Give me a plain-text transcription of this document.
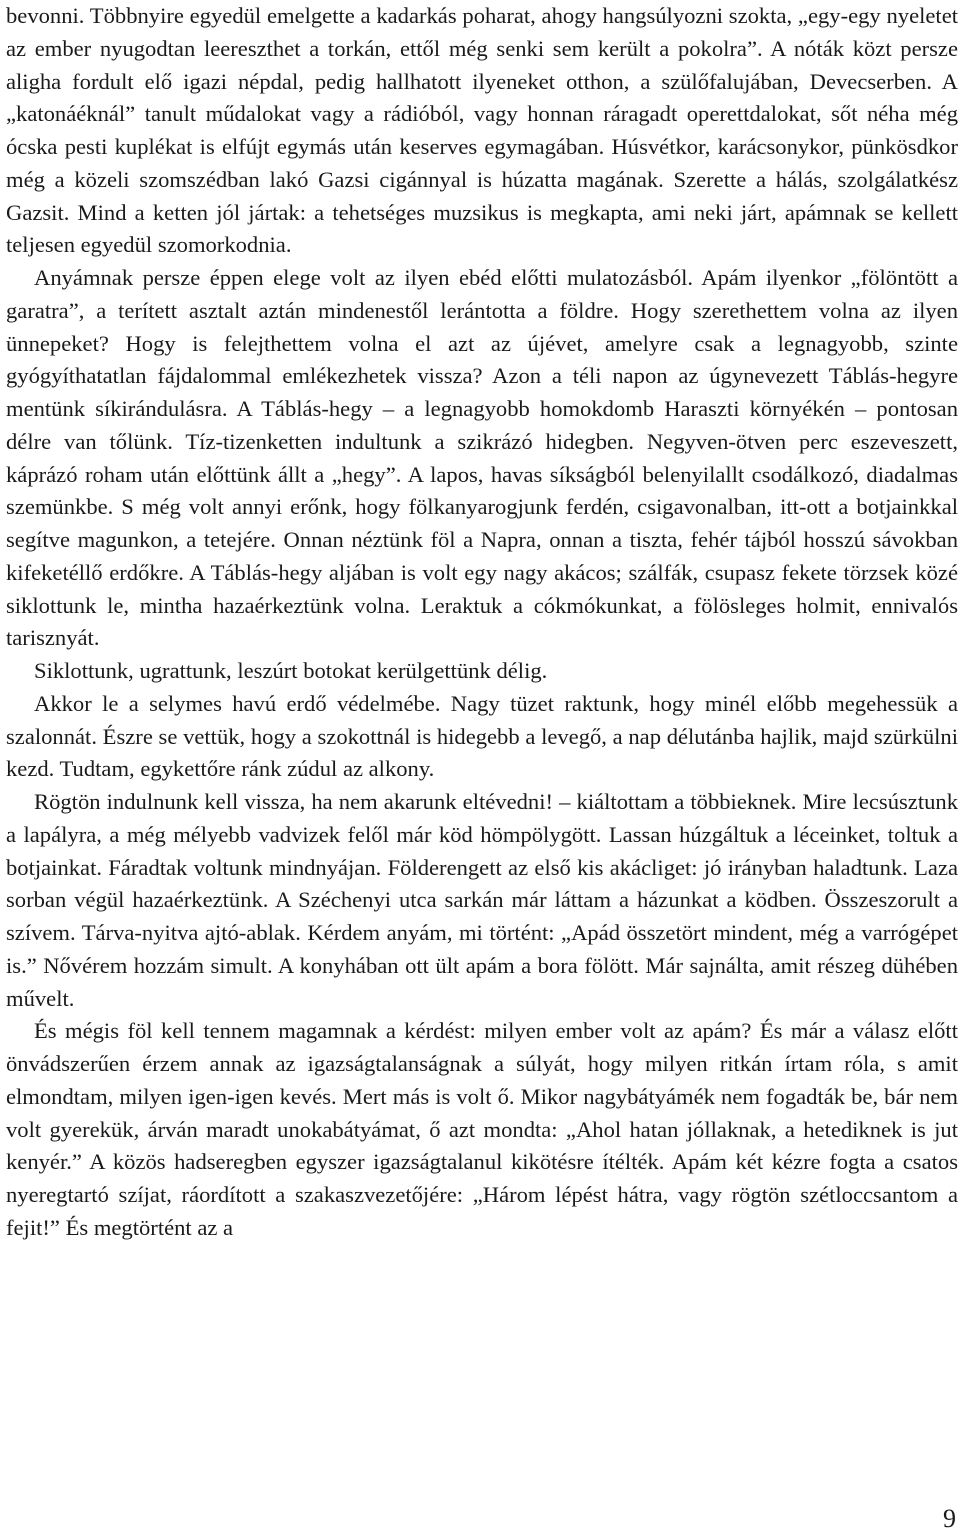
bevonni. Többnyire egyedül emelgette a kadarkás poharat, ahogy hangsúlyozni szokta, „egy-egy nyeletet az ember nyugodtan leereszthet a torkán, ettől még senki sem került a pokolra”. A nóták közt persze aligha fordult elő igazi népdal, pedig hallhatott ilyeneket otthon, a szülőfalujában, Devecserben. A „katonáéknál” tanult műdalokat vagy a rádióból, vagy honnan ráragadt operettdalokat, sőt néha még ócska pesti kuplékat is elfújt egymás után keserves egymagában. Húsvétkor, karácsonykor, pünkösdkor még a közeli szomszédban lakó Gazsi cigánnyal is húzatta magának. Szerette a hálás, szolgálatkész Gazsit. Mind a ketten jól jártak: a tehetséges muzsikus is megkapta, ami neki járt, apámnak se kellett teljesen egyedül szomorkodnia.

Anyámnak persze éppen elege volt az ilyen ebéd előtti mulatozásból. Apám ilyenkor „fölöntött a garatra”, a terített asztalt aztán mindenestől lerántotta a földre. Hogy szerethettem volna az ilyen ünnepeket? Hogy is felejthettem volna el azt az újévet, amelyre csak a legnagyobb, szinte gyógyíthatatlan fájdalommal emlékezhetek vissza? Azon a téli napon az úgynevezett Táblás-hegyre mentünk síkirándulásra. A Táblás-hegy – a legnagyobb homokdomb Haraszti környékén – pontosan délre van tőlünk. Tíz-tizenketten indultunk a szikrázó hidegben. Negyven-ötven perc eszeveszett, káprázó roham után előttünk állt a „hegy”. A lapos, havas síkságból belenyilallt csodálkozó, diadalmas szemünkbe. S még volt annyi erőnk, hogy fölkanyarogjunk ferdén, csigavonalban, itt-ott a botjainkkal segítve magunkon, a tetejére. Onnan néztünk föl a Napra, onnan a tiszta, fehér tájból hosszú sávokban kifeketéllő erdőkre. A Táblás-hegy aljában is volt egy nagy akácos; szálfák, csupasz fekete törzsek közé siklottunk le, mintha hazaérkeztünk volna. Leraktuk a cókmókunkat, a fölösleges holmit, ennivalós tarisznyát.

Siklottunk, ugrattunk, leszúrt botokat kerülgettünk délig.

Akkor le a selymes havú erdő védelmébe. Nagy tüzet raktunk, hogy minél előbb megehessük a szalonnát. Észre se vettük, hogy a szokottnál is hidegebb a levegő, a nap délutánba hajlik, majd szürkülni kezd. Tudtam, egykettőre ránk zúdul az alkony.

Rögtön indulnunk kell vissza, ha nem akarunk eltévedni! – kiáltottam a többieknek. Mire lecsúsztunk a lapályra, a még mélyebb vadvizek felől már köd hömpölygött. Lassan húzgáltuk a léceinket, toltuk a botjainkat. Fáradtak voltunk mindnyájan. Földerengett az első kis akácliget: jó irányban haladtunk. Laza sorban végül hazaérkeztünk. A Széchenyi utca sarkán már láttam a házunkat a ködben. Összeszorult a szívem. Tárva-nyitva ajtó-ablak. Kérdem anyám, mi történt: „Apád összetört mindent, még a varrógépet is.” Nővérem hozzám simult. A konyhában ott ült apám a bora fölött. Már sajnálta, amit részeg dühében művelt.

És mégis föl kell tennem magamnak a kérdést: milyen ember volt az apám? És már a válasz előtt önvádszerűen érzem annak az igazságtalanságnak a súlyát, hogy milyen ritkán írtam róla, s amit elmondtam, milyen igen-igen kevés. Mert más is volt ő. Mikor nagybátyámék nem fogadták be, bár nem volt gyerekük, árván maradt unokabátyámat, ő azt mondta: „Ahol hatan jóllaknak, a hetediknek is jut kenyér.” A közös hadseregben egyszer igazságtalanul kikötésre ítélték. Apám két kézre fogta a csatos nyeregtartó szíjat, ráordított a szakaszvezetőjére: „Három lépést hátra, vagy rögtön szétloccsantom a fejit!” És megtörtént az a

9
